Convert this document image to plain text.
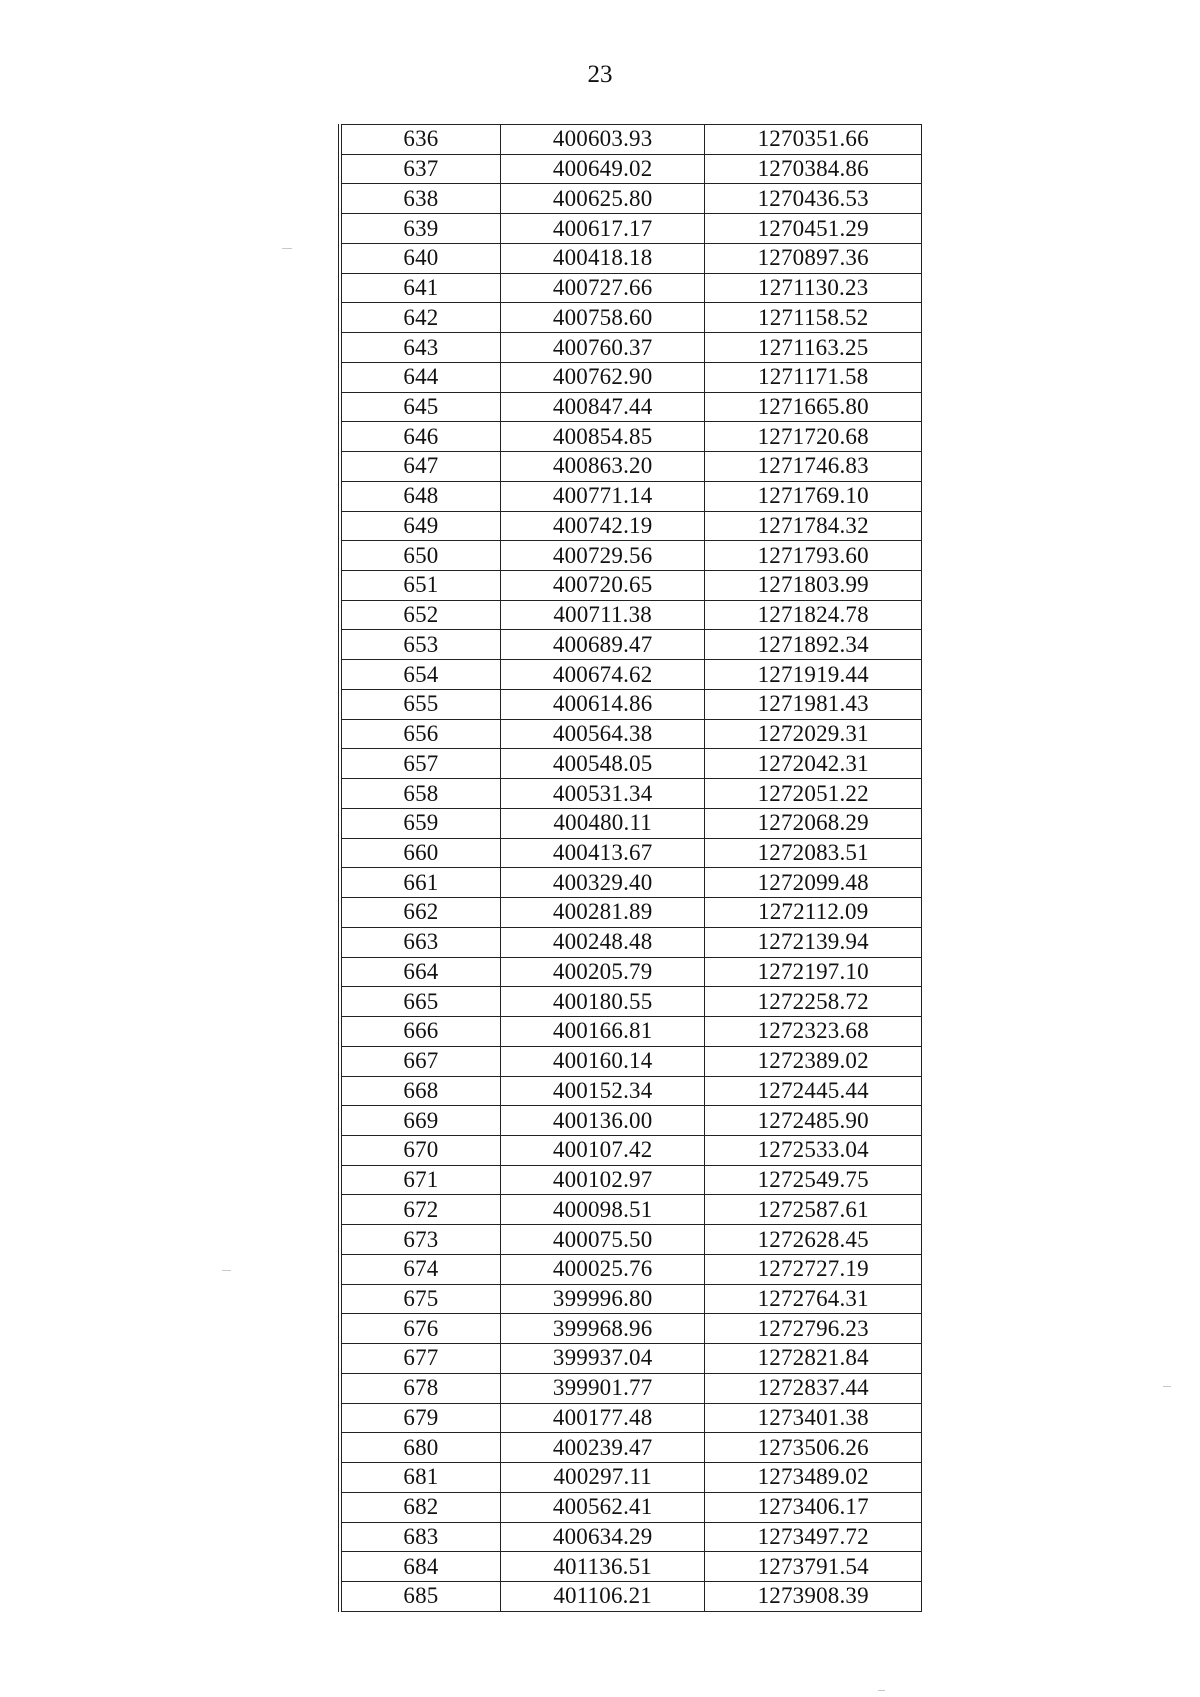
23
636	400603.93	1270351.66
637	400649.02	1270384.86
638	400625.80	1270436.53
639	400617.17	1270451.29
640	400418.18	1270897.36
641	400727.66	1271130.23
642	400758.60	1271158.52
643	400760.37	1271163.25
644	400762.90	1271171.58
645	400847.44	1271665.80
646	400854.85	1271720.68
647	400863.20	1271746.83
648	400771.14	1271769.10
649	400742.19	1271784.32
650	400729.56	1271793.60
651	400720.65	1271803.99
652	400711.38	1271824.78
653	400689.47	1271892.34
654	400674.62	1271919.44
655	400614.86	1271981.43
656	400564.38	1272029.31
657	400548.05	1272042.31
658	400531.34	1272051.22
659	400480.11	1272068.29
660	400413.67	1272083.51
661	400329.40	1272099.48
662	400281.89	1272112.09
663	400248.48	1272139.94
664	400205.79	1272197.10
665	400180.55	1272258.72
666	400166.81	1272323.68
667	400160.14	1272389.02
668	400152.34	1272445.44
669	400136.00	1272485.90
670	400107.42	1272533.04
671	400102.97	1272549.75
672	400098.51	1272587.61
673	400075.50	1272628.45
674	400025.76	1272727.19
675	399996.80	1272764.31
676	399968.96	1272796.23
677	399937.04	1272821.84
678	399901.77	1272837.44
679	400177.48	1273401.38
680	400239.47	1273506.26
681	400297.11	1273489.02
682	400562.41	1273406.17
683	400634.29	1273497.72
684	401136.51	1273791.54
685	401106.21	1273908.39
